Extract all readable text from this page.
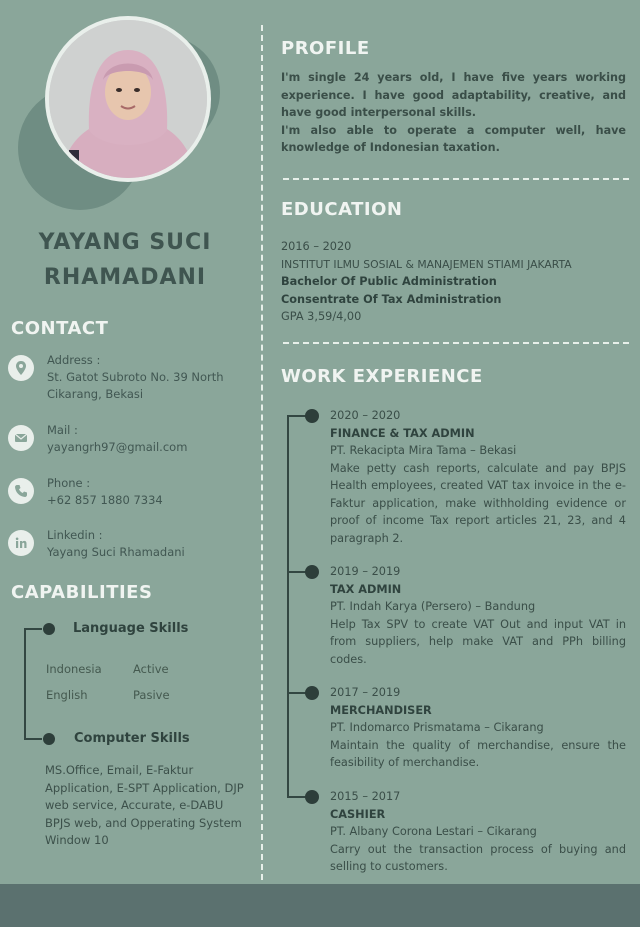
YAYANG SUCI
RHAMADANI
CONTACT
Address :
St. Gatot Subroto No. 39 North Cikarang, Bekasi
Mail :
yayangrh97@gmail.com
Phone :
+62 857 1880 7334
Linkedin :
Yayang Suci Rhamadani
CAPABILITIES
Language Skills
Indonesia	Active
English	Pasive
Computer Skills
MS.Office, Email, E-Faktur Application, E-SPT Application, DJP web service, Accurate, e-DABU BPJS web, and Opperating System Window 10
PROFILE

I'm single 24 years old, I have five years working experience. I have good adaptability, creative, and have good interpersonal skills.

I'm also able to operate a computer well, have knowledge of Indonesian taxation.

EDUCATION
2016 – 2020
INSTITUT ILMU SOSIAL & MANAJEMEN STIAMI JAKARTA
Bachelor Of Public Administration
Consentrate Of Tax Administration
GPA 3,59/4,00
WORK EXPERIENCE
2020 – 2020
FINANCE & TAX ADMIN
PT. Rekacipta Mira Tama – Bekasi
Make petty cash reports, calculate and pay BPJS Health employees, created VAT tax invoice in the e-Faktur application, make withholding evidence or proof of income Tax report articles 21, 23, and 4 paragraph 2.
2019 – 2019
TAX ADMIN
PT. Indah Karya (Persero) – Bandung
Help Tax SPV to create VAT Out and input VAT in from suppliers, help make VAT and PPh billing codes.
2017 – 2019
MERCHANDISER
PT. Indomarco Prismatama – Cikarang
Maintain the quality of merchandise, ensure the feasibility of merchandise.
2015 – 2017
CASHIER
PT. Albany Corona Lestari – Cikarang
Carry out the transaction process of buying and selling to customers.
